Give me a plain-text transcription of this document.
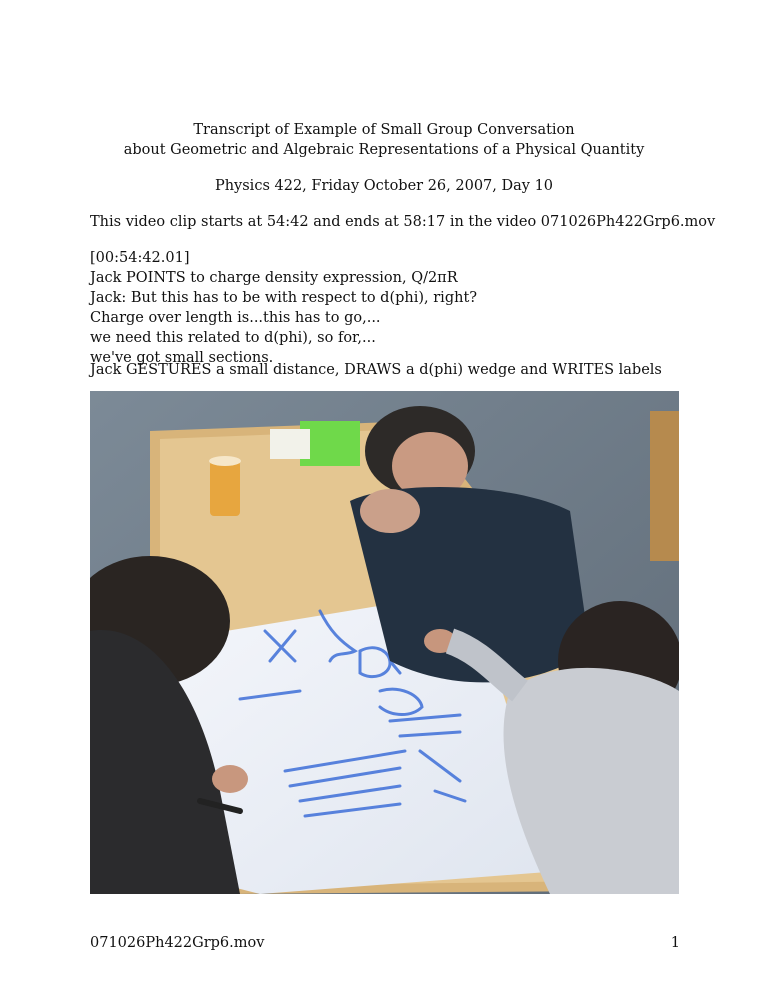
Transcript of Example of Small Group Conversation
about Geometric and Algebraic Representations of a Physical Quantity
Physics 422, Friday October 26, 2007, Day 10
This video clip starts at 54:42 and ends at 58:17 in the video 071026Ph422Grp6.mov
[00:54:42.01]
Jack POINTS to charge density expression, Q/2πR
Jack: But this has to be with respect to d(phi), right?
Charge over length is...this has to go,...
we need this related to d(phi), so for,...
we've got small sections.
Jack GESTURES a small distance, DRAWS a d(phi) wedge and WRITES labels
071026Ph422Grp6.mov	1
